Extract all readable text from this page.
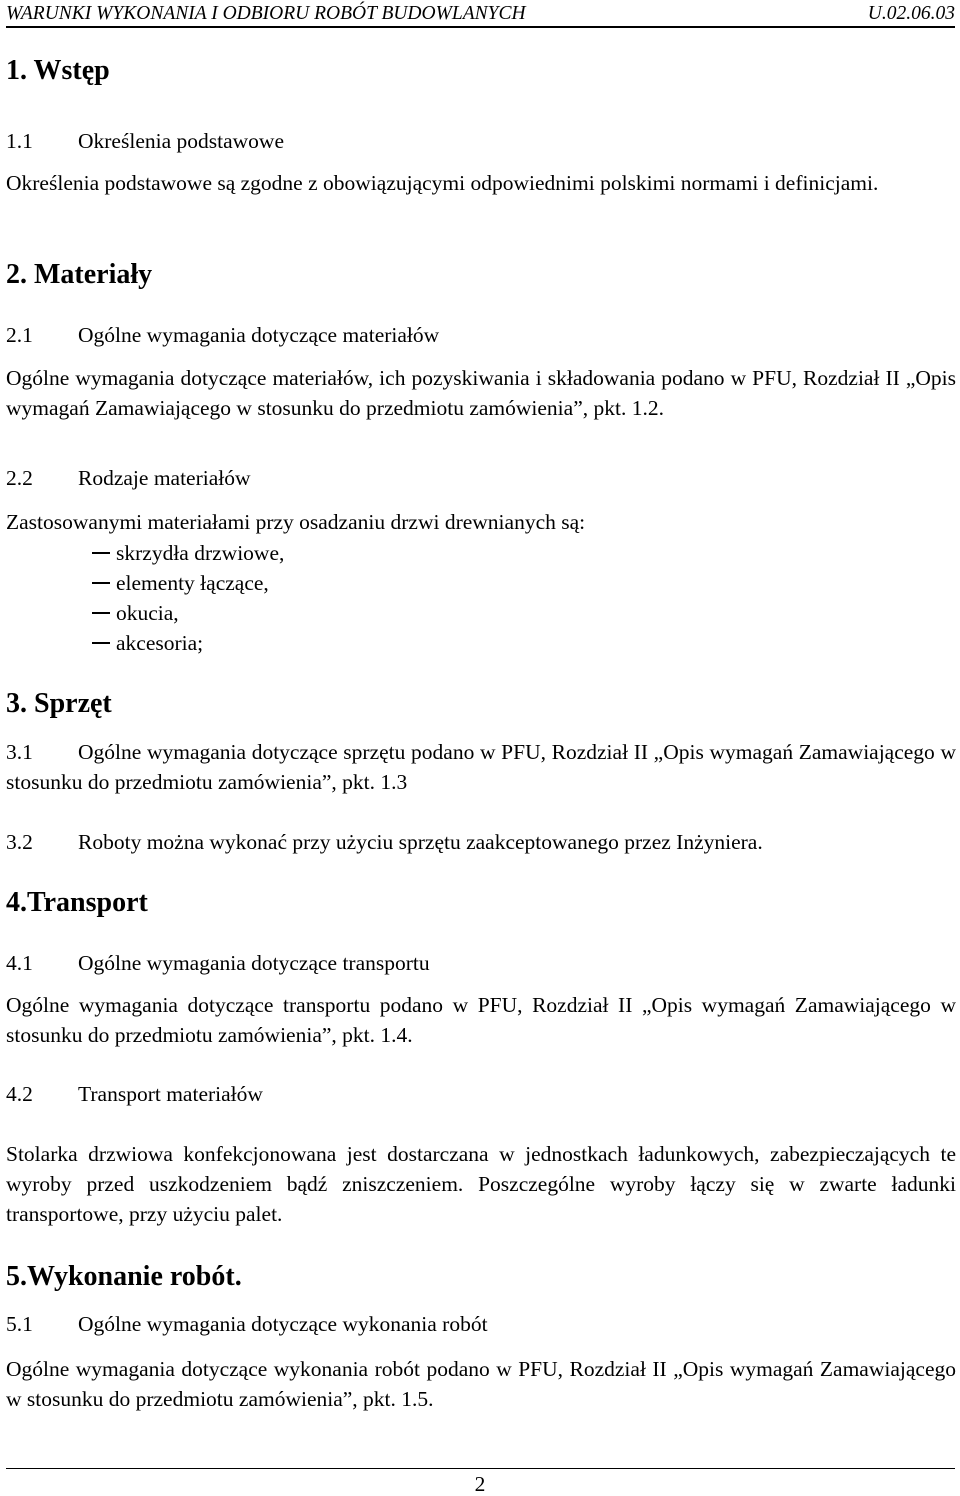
WARUNKI WYKONANIA I ODBIORU ROBÓT BUDOWLANYCH	U.02.06.03
1. Wstęp
1.1 Określenia podstawowe
Określenia podstawowe są zgodne z obowiązującymi odpowiednimi polskimi normami i definicjami.
2. Materiały
2.1 Ogólne wymagania dotyczące materiałów
Ogólne wymagania dotyczące materiałów, ich pozyskiwania i składowania podano w PFU, Rozdział II „Opis wymagań Zamawiającego w stosunku do przedmiotu zamówienia”, pkt. 1.2.
2.2 Rodzaje materiałów
Zastosowanymi materiałami przy osadzaniu drzwi drewnianych są:
skrzydła drzwiowe,
elementy łączące,
okucia,
akcesoria;
3. Sprzęt
3.1 Ogólne wymagania dotyczące sprzętu podano w PFU, Rozdział II „Opis wymagań Zamawiającego w stosunku do przedmiotu zamówienia”, pkt. 1.3
3.2 Roboty można wykonać przy użyciu sprzętu zaakceptowanego przez Inżyniera.
4.Transport
4.1 Ogólne wymagania dotyczące transportu
Ogólne wymagania dotyczące transportu podano w PFU, Rozdział II „Opis wymagań Zamawiającego w stosunku do przedmiotu zamówienia”, pkt. 1.4.
4.2 Transport materiałów
Stolarka drzwiowa konfekcjonowana jest dostarczana w jednostkach ładunkowych, zabezpieczających te wyroby przed uszkodzeniem bądź zniszczeniem. Poszczególne wyroby łączy się w zwarte ładunki transportowe, przy użyciu palet.
5.Wykonanie robót.
5.1 Ogólne wymagania dotyczące wykonania robót
Ogólne wymagania dotyczące wykonania robót podano w PFU, Rozdział II „Opis wymagań Zamawiającego w stosunku do przedmiotu zamówienia”, pkt. 1.5.
2
